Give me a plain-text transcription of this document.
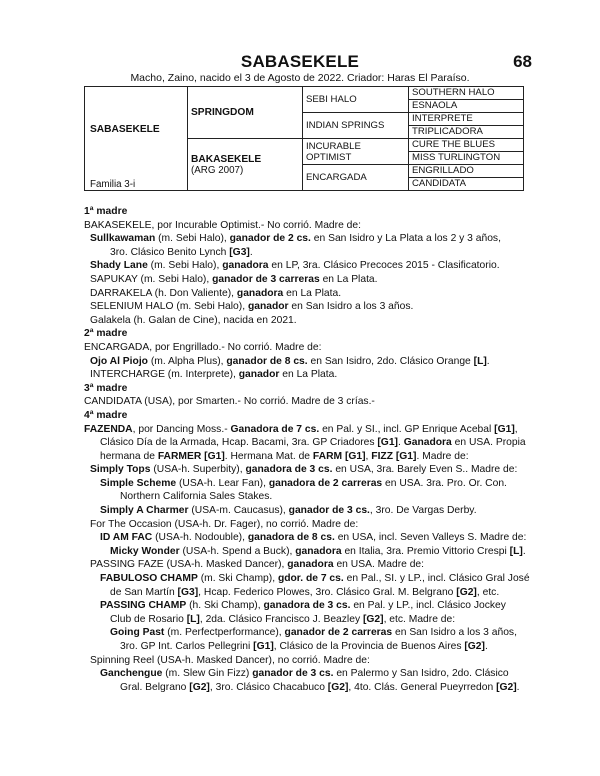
SABASEKELE	68
Macho, Zaino, nacido el 3 de Agosto de 2022. Criador: Haras El Paraíso.
SABASEKELE
Familia 3-i	SPRINGDOM	SEBI HALO	SOUTHERN HALO
			ESNAOLA
		INDIAN SPRINGS	INTERPRETE
			TRIPLICADORA

	BAKASEKELE
(ARG 2007)	INCURABLE OPTIMIST	CURE THE BLUES
			MISS TURLINGTON
		ENCARGADA	ENGRILLADO
			CANDIDATA
1ª madre
BAKASEKELE, por Incurable Optimist.- No corrió. Madre de:
Sullkawaman (m. Sebi Halo), ganador de 2 cs. en San Isidro y La Plata a los 2 y 3 años,
3ro. Clásico Benito Lynch [G3].
Shady Lane (m. Sebi Halo), ganadora en LP, 3ra. Clásico Precoces 2015 - Clasificatorio.
SAPUKAY (m. Sebi Halo), ganador de 3 carreras en La Plata.
DARRAKELA (h. Don Valiente), ganadora en La Plata.
SELENIUM HALO (m. Sebi Halo), ganador en San Isidro a los 3 años.
Galakela (h. Galan de Cine), nacida en 2021.
2ª madre
ENCARGADA, por Engrillado.- No corrió. Madre de:
Ojo Al Piojo (m. Alpha Plus), ganador de 8 cs. en San Isidro, 2do. Clásico Orange [L].
INTERCHARGE (m. Interprete), ganador en La Plata.
3ª madre
CANDIDATA (USA), por Smarten.- No corrió. Madre de 3 crías.-
4ª madre
FAZENDA, por Dancing Moss.- Ganadora de 7 cs. en Pal. y SI., incl. GP Enrique Acebal [G1],
Clásico Día de la Armada, Hcap. Bacami, 3ra. GP Criadores [G1]. Ganadora en USA. Propia
hermana de FARMER [G1]. Hermana Mat. de FARM [G1], FIZZ [G1]. Madre de:
Simply Tops (USA-h. Superbity), ganadora de 3 cs. en USA, 3ra. Barely Even S.. Madre de:
Simple Scheme (USA-h. Lear Fan), ganadora de 2 carreras en USA. 3ra. Pro. Or. Con.
Northern California Sales Stakes.
Simply A Charmer (USA-m. Caucasus), ganador de 3 cs., 3ro. De Vargas Derby.
For The Occasion (USA-h. Dr. Fager), no corrió. Madre de:
ID AM FAC (USA-h. Nodouble), ganadora de 8 cs. en USA, incl. Seven Valleys S. Madre de:
Micky Wonder (USA-h. Spend a Buck), ganadora en Italia, 3ra. Premio Vittorio Crespi [L].
PASSING FAZE (USA-h. Masked Dancer), ganadora en USA. Madre de:
FABULOSO CHAMP (m. Ski Champ), gdor. de 7 cs. en Pal., SI. y LP., incl. Clásico Gral José
de San Martín [G3], Hcap. Federico Plowes, 3ro. Clásico Gral. M. Belgrano [G2], etc.
PASSING CHAMP (h. Ski Champ), ganadora de 3 cs. en Pal. y LP., incl. Clásico Jockey
Club de Rosario [L], 2da. Clásico Francisco J. Beazley [G2], etc. Madre de:
Going Past (m. Perfectperformance), ganador de 2 carreras en San Isidro a los 3 años,
3ro. GP Int. Carlos Pellegrini [G1], Clásico de la Provincia de Buenos Aires [G2].
Spinning Reel (USA-h. Masked Dancer), no corrió. Madre de:
Ganchengue (m. Slew Gin Fizz) ganador de 3 cs. en Palermo y San Isidro, 2do. Clásico
Gral. Belgrano [G2], 3ro. Clásico Chacabuco [G2], 4to. Clás. General Pueyrredon [G2].
